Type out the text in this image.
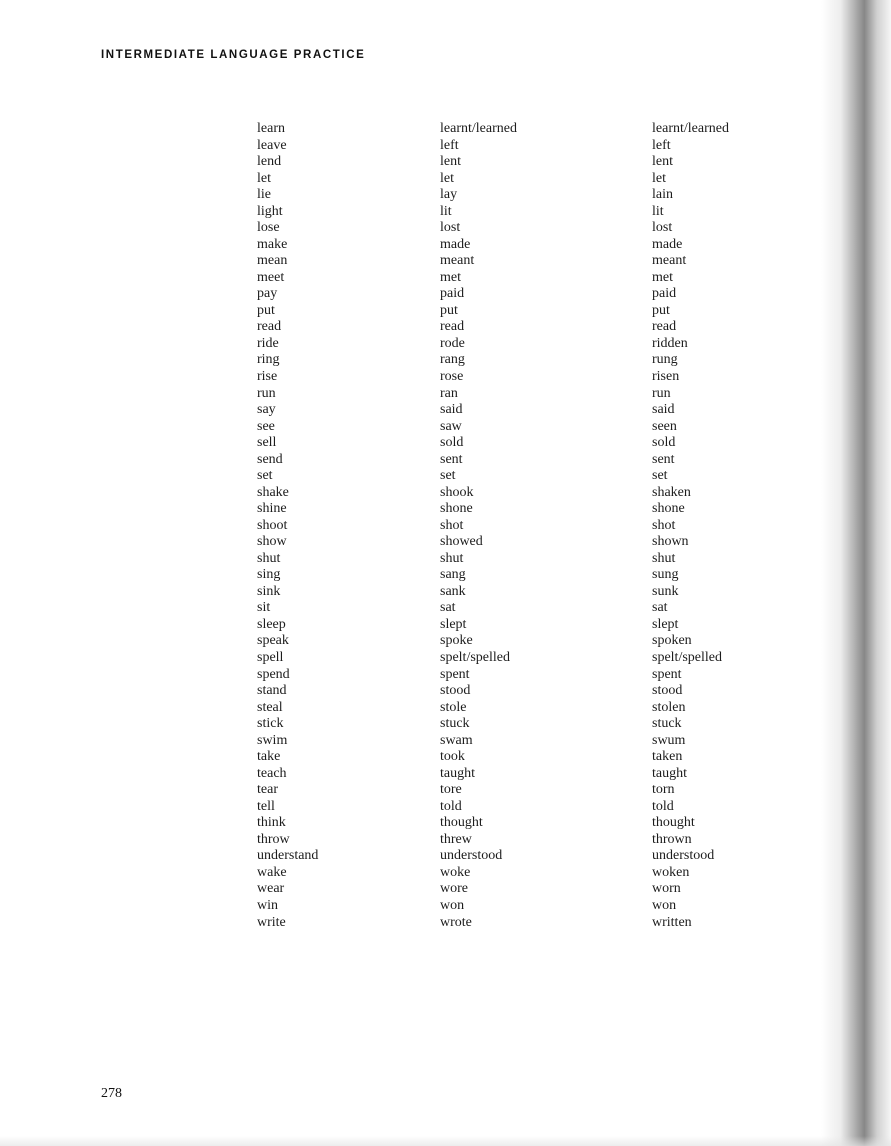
INTERMEDIATE LANGUAGE PRACTICE
learn	learnt/learned	learnt/learned
leave	left	left
lend	lent	lent
let	let	let
lie	lay	lain
light	lit	lit
lose	lost	lost
make	made	made
mean	meant	meant
meet	met	met
pay	paid	paid
put	put	put
read	read	read
ride	rode	ridden
ring	rang	rung
rise	rose	risen
run	ran	run
say	said	said
see	saw	seen
sell	sold	sold
send	sent	sent
set	set	set
shake	shook	shaken
shine	shone	shone
shoot	shot	shot
show	showed	shown
shut	shut	shut
sing	sang	sung
sink	sank	sunk
sit	sat	sat
sleep	slept	slept
speak	spoke	spoken
spell	spelt/spelled	spelt/spelled
spend	spent	spent
stand	stood	stood
steal	stole	stolen
stick	stuck	stuck
swim	swam	swum
take	took	taken
teach	taught	taught
tear	tore	torn
tell	told	told
think	thought	thought
throw	threw	thrown
understand	understood	understood
wake	woke	woken
wear	wore	worn
win	won	won
write	wrote	written
278
